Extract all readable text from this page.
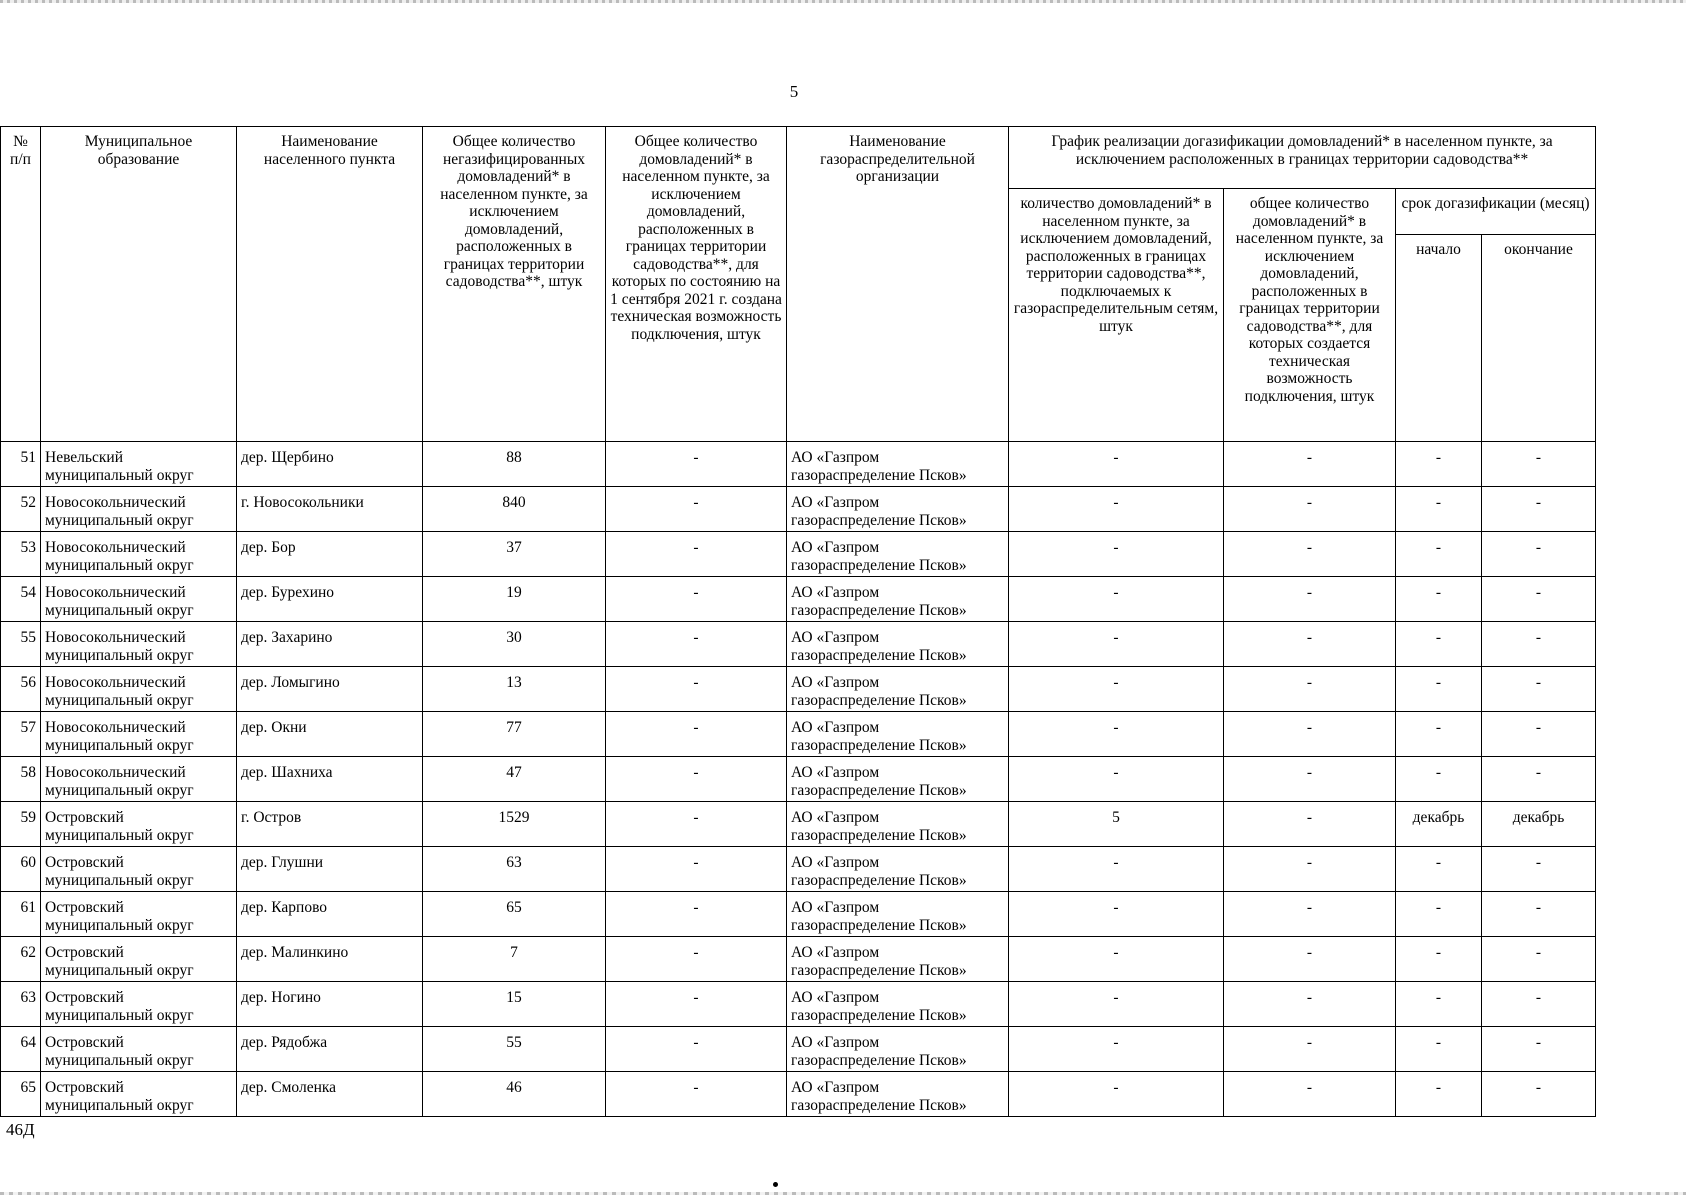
5
№ п/п	Муниципальное образование	Наименование населенного пункта	Общее количество негазифицированных домовладений* в населенном пункте, за исключением домовладений, расположенных в границах территории садоводства**, штук	Общее количество домовладений* в населенном пункте, за исключением домовладений, расположенных в границах территории садоводства**, для которых по состоянию на 1 сентября 2021 г. создана техническая возможность подключения, штук	Наименование газораспределительной организации	График реализации догазификации домовладений* в населенном пункте, за исключением расположенных в границах территории садоводства**			
						количество домовладений* в населенном пункте, за исключением домовладений, расположенных в границах территории садоводства**, подключаемых к газораспределительным сетям, штук	общее количество домовладений* в населенном пункте, за исключением домовладений, расположенных в границах территории садоводства**, для которых создается техническая возможность подключения, штук	срок догазификации (месяц)	
								начало	окончание
51	Невельский муниципальный округ	дер. Щербино	88	-	АО «Газпром газораспределение Псков»	-	-	-	-
52	Новосокольнический муниципальный округ	г. Новосокольники	840	-	АО «Газпром газораспределение Псков»	-	-	-	-
53	Новосокольнический муниципальный округ	дер. Бор	37	-	АО «Газпром газораспределение Псков»	-	-	-	-
54	Новосокольнический муниципальный округ	дер. Бурехино	19	-	АО «Газпром газораспределение Псков»	-	-	-	-
55	Новосокольнический муниципальный округ	дер. Захарино	30	-	АО «Газпром газораспределение Псков»	-	-	-	-
56	Новосокольнический муниципальный округ	дер. Ломыгино	13	-	АО «Газпром газораспределение Псков»	-	-	-	-
57	Новосокольнический муниципальный округ	дер. Окни	77	-	АО «Газпром газораспределение Псков»	-	-	-	-
58	Новосокольнический муниципальный округ	дер. Шахниха	47	-	АО «Газпром газораспределение Псков»	-	-	-	-
59	Островский муниципальный округ	г. Остров	1529	-	АО «Газпром газораспределение Псков»	5	-	декабрь	декабрь
60	Островский муниципальный округ	дер. Глушни	63	-	АО «Газпром газораспределение Псков»	-	-	-	-
61	Островский муниципальный округ	дер. Карпово	65	-	АО «Газпром газораспределение Псков»	-	-	-	-
62	Островский муниципальный округ	дер. Малинкино	7	-	АО «Газпром газораспределение Псков»	-	-	-	-
63	Островский муниципальный округ	дер. Ногино	15	-	АО «Газпром газораспределение Псков»	-	-	-	-
64	Островский муниципальный округ	дер. Рядобжа	55	-	АО «Газпром газораспределение Псков»	-	-	-	-
65	Островский муниципальный округ	дер. Смоленка	46	-	АО «Газпром газораспределение Псков»	-	-	-	-
46Д
